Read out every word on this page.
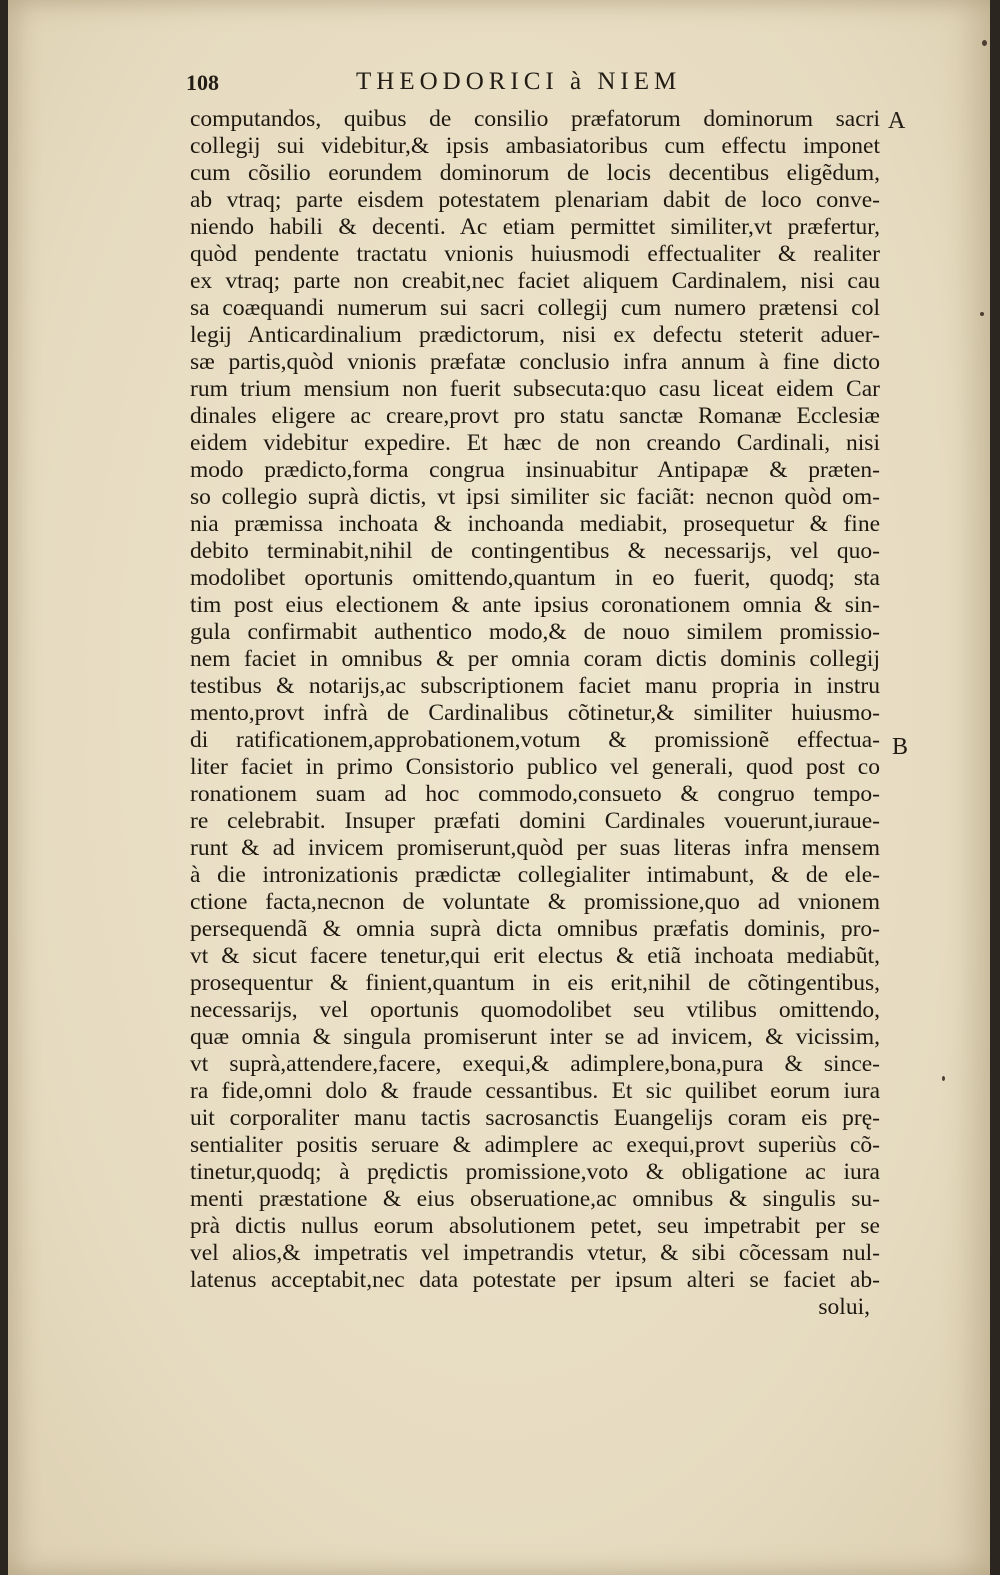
108	THEODORICI à NIEM
A
B
computandos, quibus de consilio præfatorum dominorum sacri
collegij sui videbitur,& ipsis ambasiatoribus cum effectu imponet
cum cõsilio eorundem dominorum de locis decentibus eligẽdum,
ab vtraq; parte eisdem potestatem plenariam dabit de loco conve-
niendo habili & decenti. Ac etiam permittet similiter,vt præfertur,
quòd pendente tractatu vnionis huiusmodi effectualiter & realiter
ex vtraq; parte non creabit,nec faciet aliquem Cardinalem, nisi cau
sa coæquandi numerum sui sacri collegij cum numero prætensi col
legij Anticardinalium prædictorum, nisi ex defectu steterit aduer-
sæ partis,quòd vnionis præfatæ conclusio infra annum à fine dicto
rum trium mensium non fuerit subsecuta:quo casu liceat eidem Car
dinales eligere ac creare,provt pro statu sanctæ Romanæ Ecclesiæ
eidem videbitur expedire. Et hæc de non creando Cardinali, nisi
modo prædicto,forma congrua insinuabitur Antipapæ & præten-
so collegio suprà dictis, vt ipsi similiter sic faciãt: necnon quòd om-
nia præmissa inchoata & inchoanda mediabit, prosequetur & fine
debito terminabit,nihil de contingentibus & necessarijs, vel quo-
modolibet oportunis omittendo,quantum in eo fuerit, quodq; sta
tim post eius electionem & ante ipsius coronationem omnia & sin-
gula confirmabit authentico modo,& de nouo similem promissio-
nem faciet in omnibus & per omnia coram dictis dominis collegij
testibus & notarijs,ac subscriptionem faciet manu propria in instru
mento,provt infrà de Cardinalibus cõtinetur,& similiter huiusmo-
di ratificationem,approbationem,votum & promissionẽ effectua-
liter faciet in primo Consistorio publico vel generali, quod post co
ronationem suam ad hoc commodo,consueto & congruo tempo-
re celebrabit. Insuper præfati domini Cardinales vouerunt,iuraue-
runt & ad invicem promiserunt,quòd per suas literas infra mensem
à die intronizationis prædictæ collegialiter intimabunt, & de ele-
ctione facta,necnon de voluntate & promissione,quo ad vnionem
persequendã & omnia suprà dicta omnibus præfatis dominis, pro-
vt & sicut facere tenetur,qui erit electus & etiã inchoata mediabũt,
prosequentur & finient,quantum in eis erit,nihil de cõtingentibus,
necessarijs, vel oportunis quomodolibet seu vtilibus omittendo,
quæ omnia & singula promiserunt inter se ad invicem, & vicissim,
vt suprà,attendere,facere, exequi,& adimplere,bona,pura & since-
ra fide,omni dolo & fraude cessantibus. Et sic quilibet eorum iura
uit corporaliter manu tactis sacrosanctis Euangelijs coram eis prę-
sentialiter positis seruare & adimplere ac exequi,provt superiùs cõ-
tinetur,quodq; à prędictis promissione,voto & obligatione ac iura
menti præstatione & eius obseruatione,ac omnibus & singulis su-
prà dictis nullus eorum absolutionem petet, seu impetrabit per se
vel alios,& impetratis vel impetrandis vtetur, & sibi cõcessam nul-
latenus acceptabit,nec data potestate per ipsum alteri se faciet ab-
solui,
